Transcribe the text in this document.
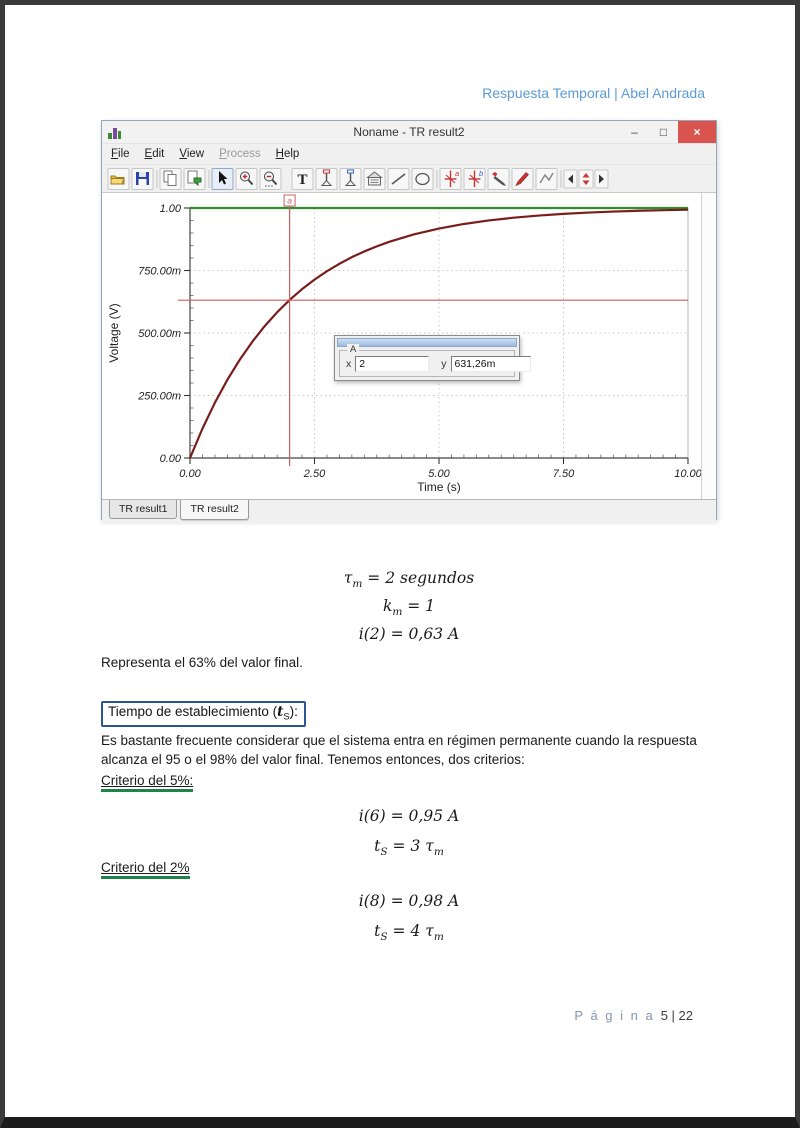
Respuesta Temporal | Abel Andrada
Noname - TR result2	–	□	×
File Edit View Process Help
T	a	b
0.00	2.50	5.00	7.50	10.00
0.00
250.00m
500.00m
750.00m
1.00
Time (s)
Voltage (V)
a
A
x 2	y 631,26m
TR result1	TR result2
$\tau_m = 2$ segundos
$k_m = 1$
i(2) = 0,63 A
Representa el 63% del valor final.
Tiempo de establecimiento $(t_S)$:
Es bastante frecuente considerar que el sistema entra en régimen permanente cuando la respuesta alcanza el 95 o el 98% del valor final. Tenemos entonces, dos criterios:
Criterio del 5%:
i(6) = 0,95 A
$t_S = 3$ $\tau_m$
Criterio del 2%
i(8) = 0,98 A
$t_S = 4$ $\tau_m$
P á g i n a 5 | 22
